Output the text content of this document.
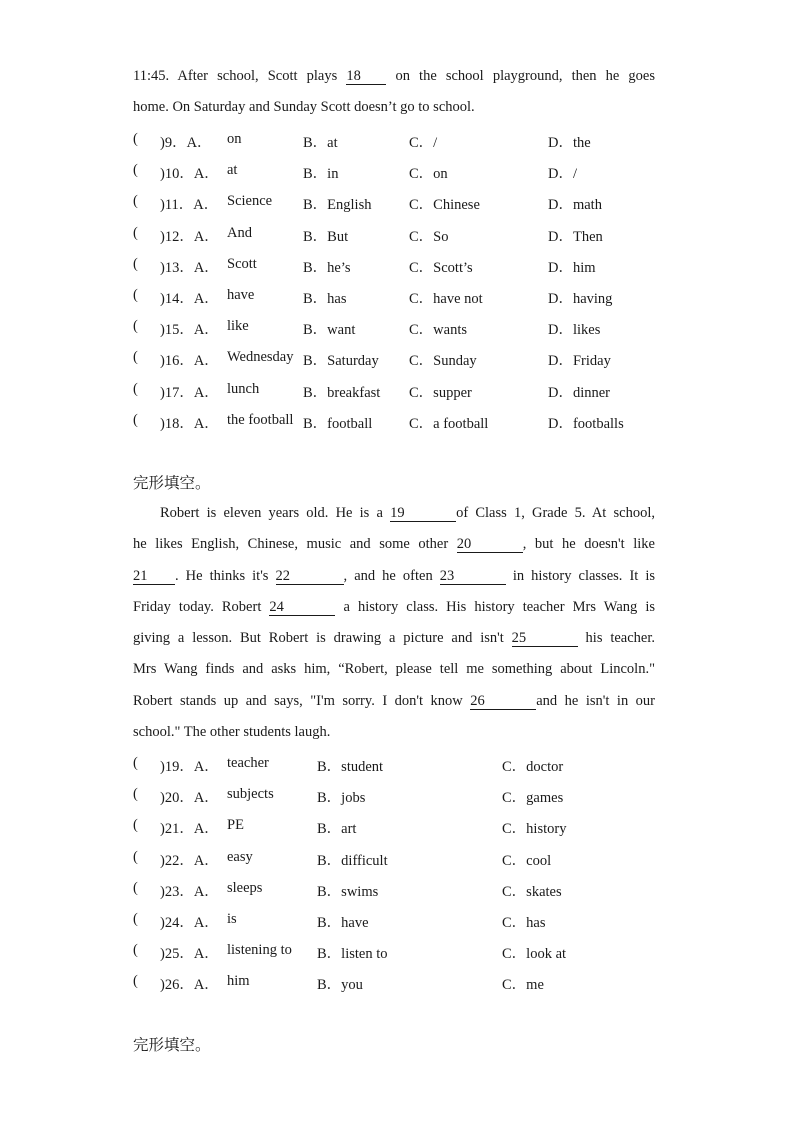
11:45. After school, Scott plays 18 on the school playground, then he goes
home. On Saturday and Sunday Scott doesn’t go to school.
( )9．A． on	B．at	C．/	D．the
( )10．A． at	B．in	C．on	D．/
( )11．A． Science B．English	C．Chinese	D．math
( )12．A． And	B．But	C．So	D．Then
( )13．A． Scott	B．he’s	C．Scott’s	D．him
( )14．A． have	B．has	C．have not	D．having
( )15．A． like	B．want	C．wants	D．likes
( )16．A． Wednesday B．Saturday C．Sunday	D．Friday
( )17．A． lunch	B．breakfast C．supper	D．dinner
( )18．A． the football B．football	C．a football	D．footballs
完形填空。
Robert is eleven years old. He is a 19	of Class 1, Grade 5. At school,
he likes English, Chinese, music and some other 20	, but he doesn't like
21 . He thinks it's 22	, and he often 23	in history classes. It is
Friday today. Robert 24	a history class. His history teacher Mrs Wang is
giving a lesson. But Robert is drawing a picture and isn't 25	his teacher.
Mrs Wang finds and asks him, “Robert, please tell me something about Lincoln."
Robert stands up and says, "I'm sorry. I don't know 26	and he isn't in our
school." The other students laugh.
( )19．A． teacher	B．student	C．doctor
( )20．A． subjects	B．jobs	C．games
( )21．A． PE	B．art	C．history
( )22．A． easy	B．difficult	C．cool
( )23．A． sleeps	B．swims	C．skates
( )24．A． is	B．have	C．has
( )25．A． listening to B．listen to	C．look at
( )26．A． him	B．you	C．me
完形填空。
